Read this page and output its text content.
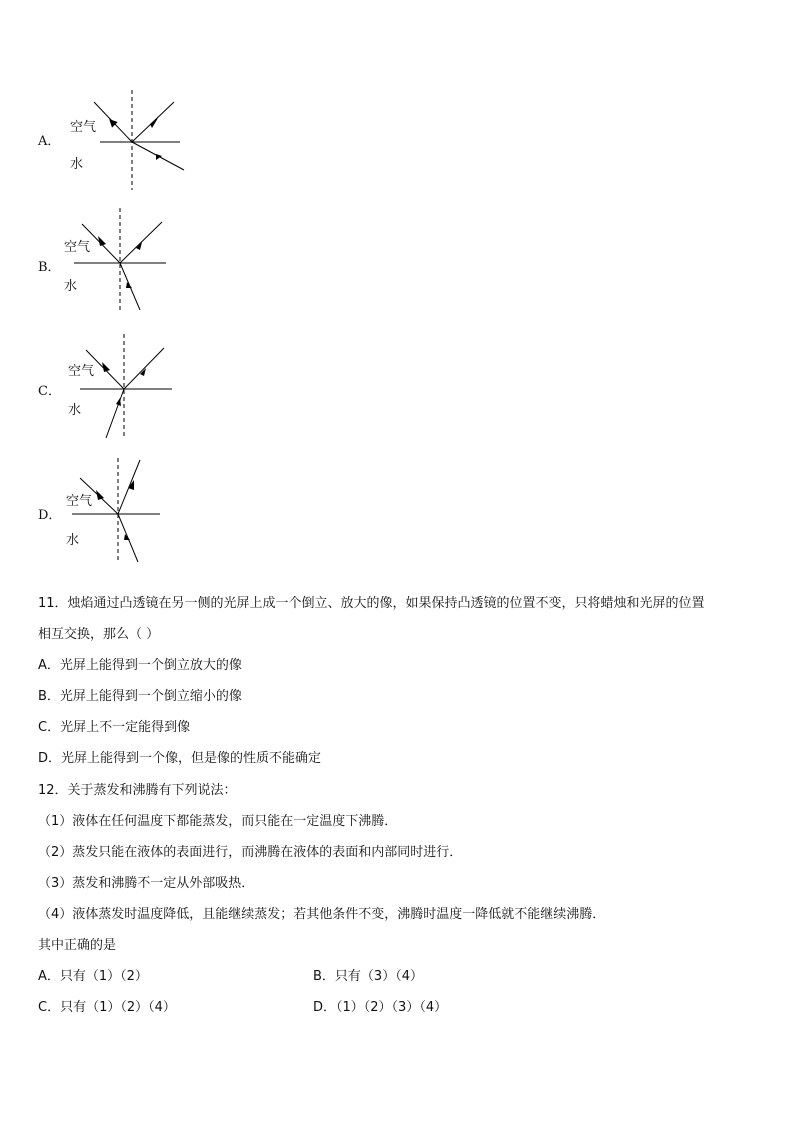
A．
空气
水
B．
空气
水
C．
空气
水
D．
空气
水
11．烛焰通过凸透镜在另一侧的光屏上成一个倒立、放大的像，如果保持凸透镜的位置不变，只将蜡烛和光屏的位置
相互交换，那么（ ）
A．光屏上能得到一个倒立放大的像
B．光屏上能得到一个倒立缩小的像
C．光屏上不一定能得到像
D．光屏上能得到一个像，但是像的性质不能确定
12．关于蒸发和沸腾有下列说法：
（1）液体在任何温度下都能蒸发，而只能在一定温度下沸腾．
（2）蒸发只能在液体的表面进行，而沸腾在液体的表面和内部同时进行．
（3）蒸发和沸腾不一定从外部吸热．
（4）液体蒸发时温度降低，且能继续蒸发；若其他条件不变，沸腾时温度一降低就不能继续沸腾．
其中正确的是
A．只有（1）（2）	B．只有（3）（4）
C．只有（1）（2）（4）	D．（1）（2）（3）（4）
